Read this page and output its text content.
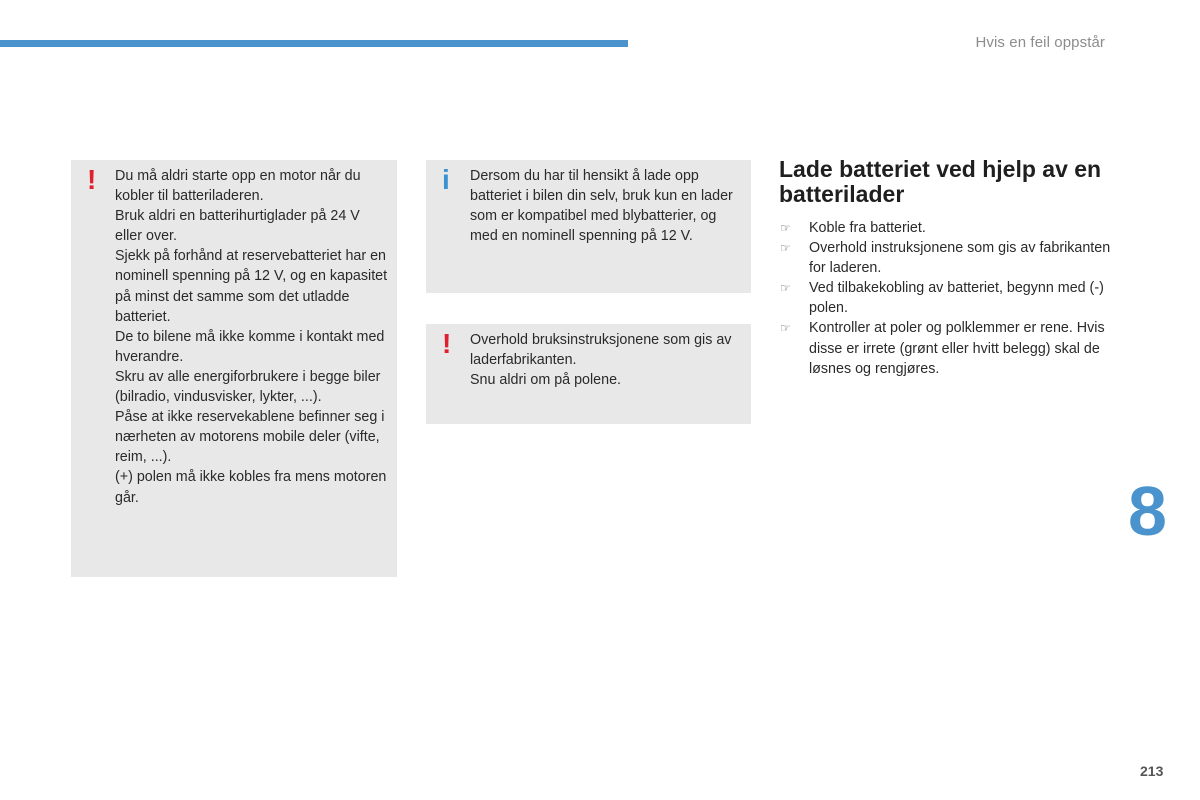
Hvis en feil oppstår
! Du må aldri starte opp en motor når du kobler til batteriladeren.

Bruk aldri en batterihurtiglader på 24 V eller over.

Sjekk på forhånd at reservebatteriet har en nominell spenning på 12 V, og en kapasitet på minst det samme som det utladde batteriet.

De to bilene må ikke komme i kontakt med hverandre.

Skru av alle energiforbrukere i begge biler (bilradio, vindusvisker, lykter, ...).

Påse at ikke reservekablene befinner seg i nærheten av motorens mobile deler (vifte, reim, ...).

(+) polen må ikke kobles fra mens motoren går.

i Dersom du har til hensikt å lade opp batteriet i bilen din selv, bruk kun en lader som er kompatibel med blybatterier, og med en nominell spenning på 12 V.

! Overhold bruksinstruksjonene som gis av laderfabrikanten.

Snu aldri om på polene.

Lade batteriet ved hjelp av en batterilader
☞ Koble fra batteriet.
☞ Overhold instruksjonene som gis av fabrikanten for laderen.
☞ Ved tilbakekobling av batteriet, begynn med (-) polen.
☞ Kontroller at poler og polklemmer er rene. Hvis disse er irrete (grønt eller hvitt belegg) skal de løsnes og rengjøres.
8
213
